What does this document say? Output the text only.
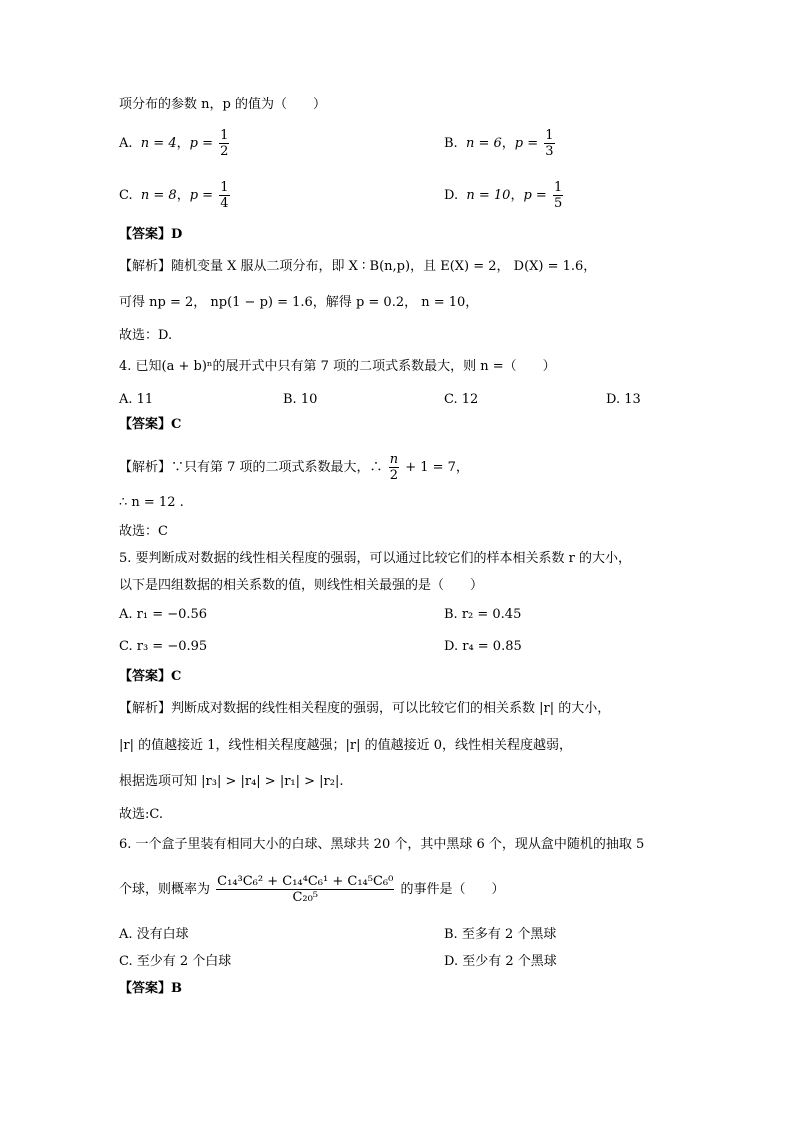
项分布的参数 n，p 的值为（　　）
A. n = 4，$p = \frac{1}{2}$	B. n = 6，$p = \frac{1}{3}$
C. n = 8，$p = \frac{1}{4}$	D. n = 10，$p = \frac{1}{5}$
【答案】D
【解析】随机变量 X 服从二项分布，即 X ∶ B(n,p)，且 E(X) = 2， D(X) = 1.6，
可得 np = 2， np(1 − p) = 1.6，解得 p = 0.2， n = 10，
故选：D.
4. 已知(a + b)ⁿ的展开式中只有第 7 项的二项式系数最大，则 n =（　　）
A. 11	B. 10	C. 12	D. 13
【答案】C
【解析】∵只有第 7 项的二项式系数最大，∴ $\frac{n}{2} + 1 = 7$，
∴ n = 12 .
故选：C
5. 要判断成对数据的线性相关程度的强弱，可以通过比较它们的样本相关系数 r 的大小，
以下是四组数据的相关系数的值，则线性相关最强的是（　　）
A. r₁ = −0.56	B. r₂ = 0.45
C. r₃ = −0.95	D. r₄ = 0.85
【答案】C
【解析】判断成对数据的线性相关程度的强弱，可以比较它们的相关系数 |r| 的大小，
|r| 的值越接近 1，线性相关程度越强；|r| 的值越接近 0，线性相关程度越弱，
根据选项可知 |r₃| > |r₄| > |r₁| > |r₂|.
故选:C.
6. 一个盒子里装有相同大小的白球、黑球共 20 个，其中黑球 6 个，现从盒中随机的抽取 5
个球，则概率为 $\frac{\text{C₁₄³C₆² + C₁₄⁴C₆¹ + C₁₄⁵C₆⁰}}{\text{C₂₀⁵}}$ 的事件是（　　）
A. 没有白球	B. 至多有 2 个黑球
C. 至少有 2 个白球	D. 至少有 2 个黑球
【答案】B
